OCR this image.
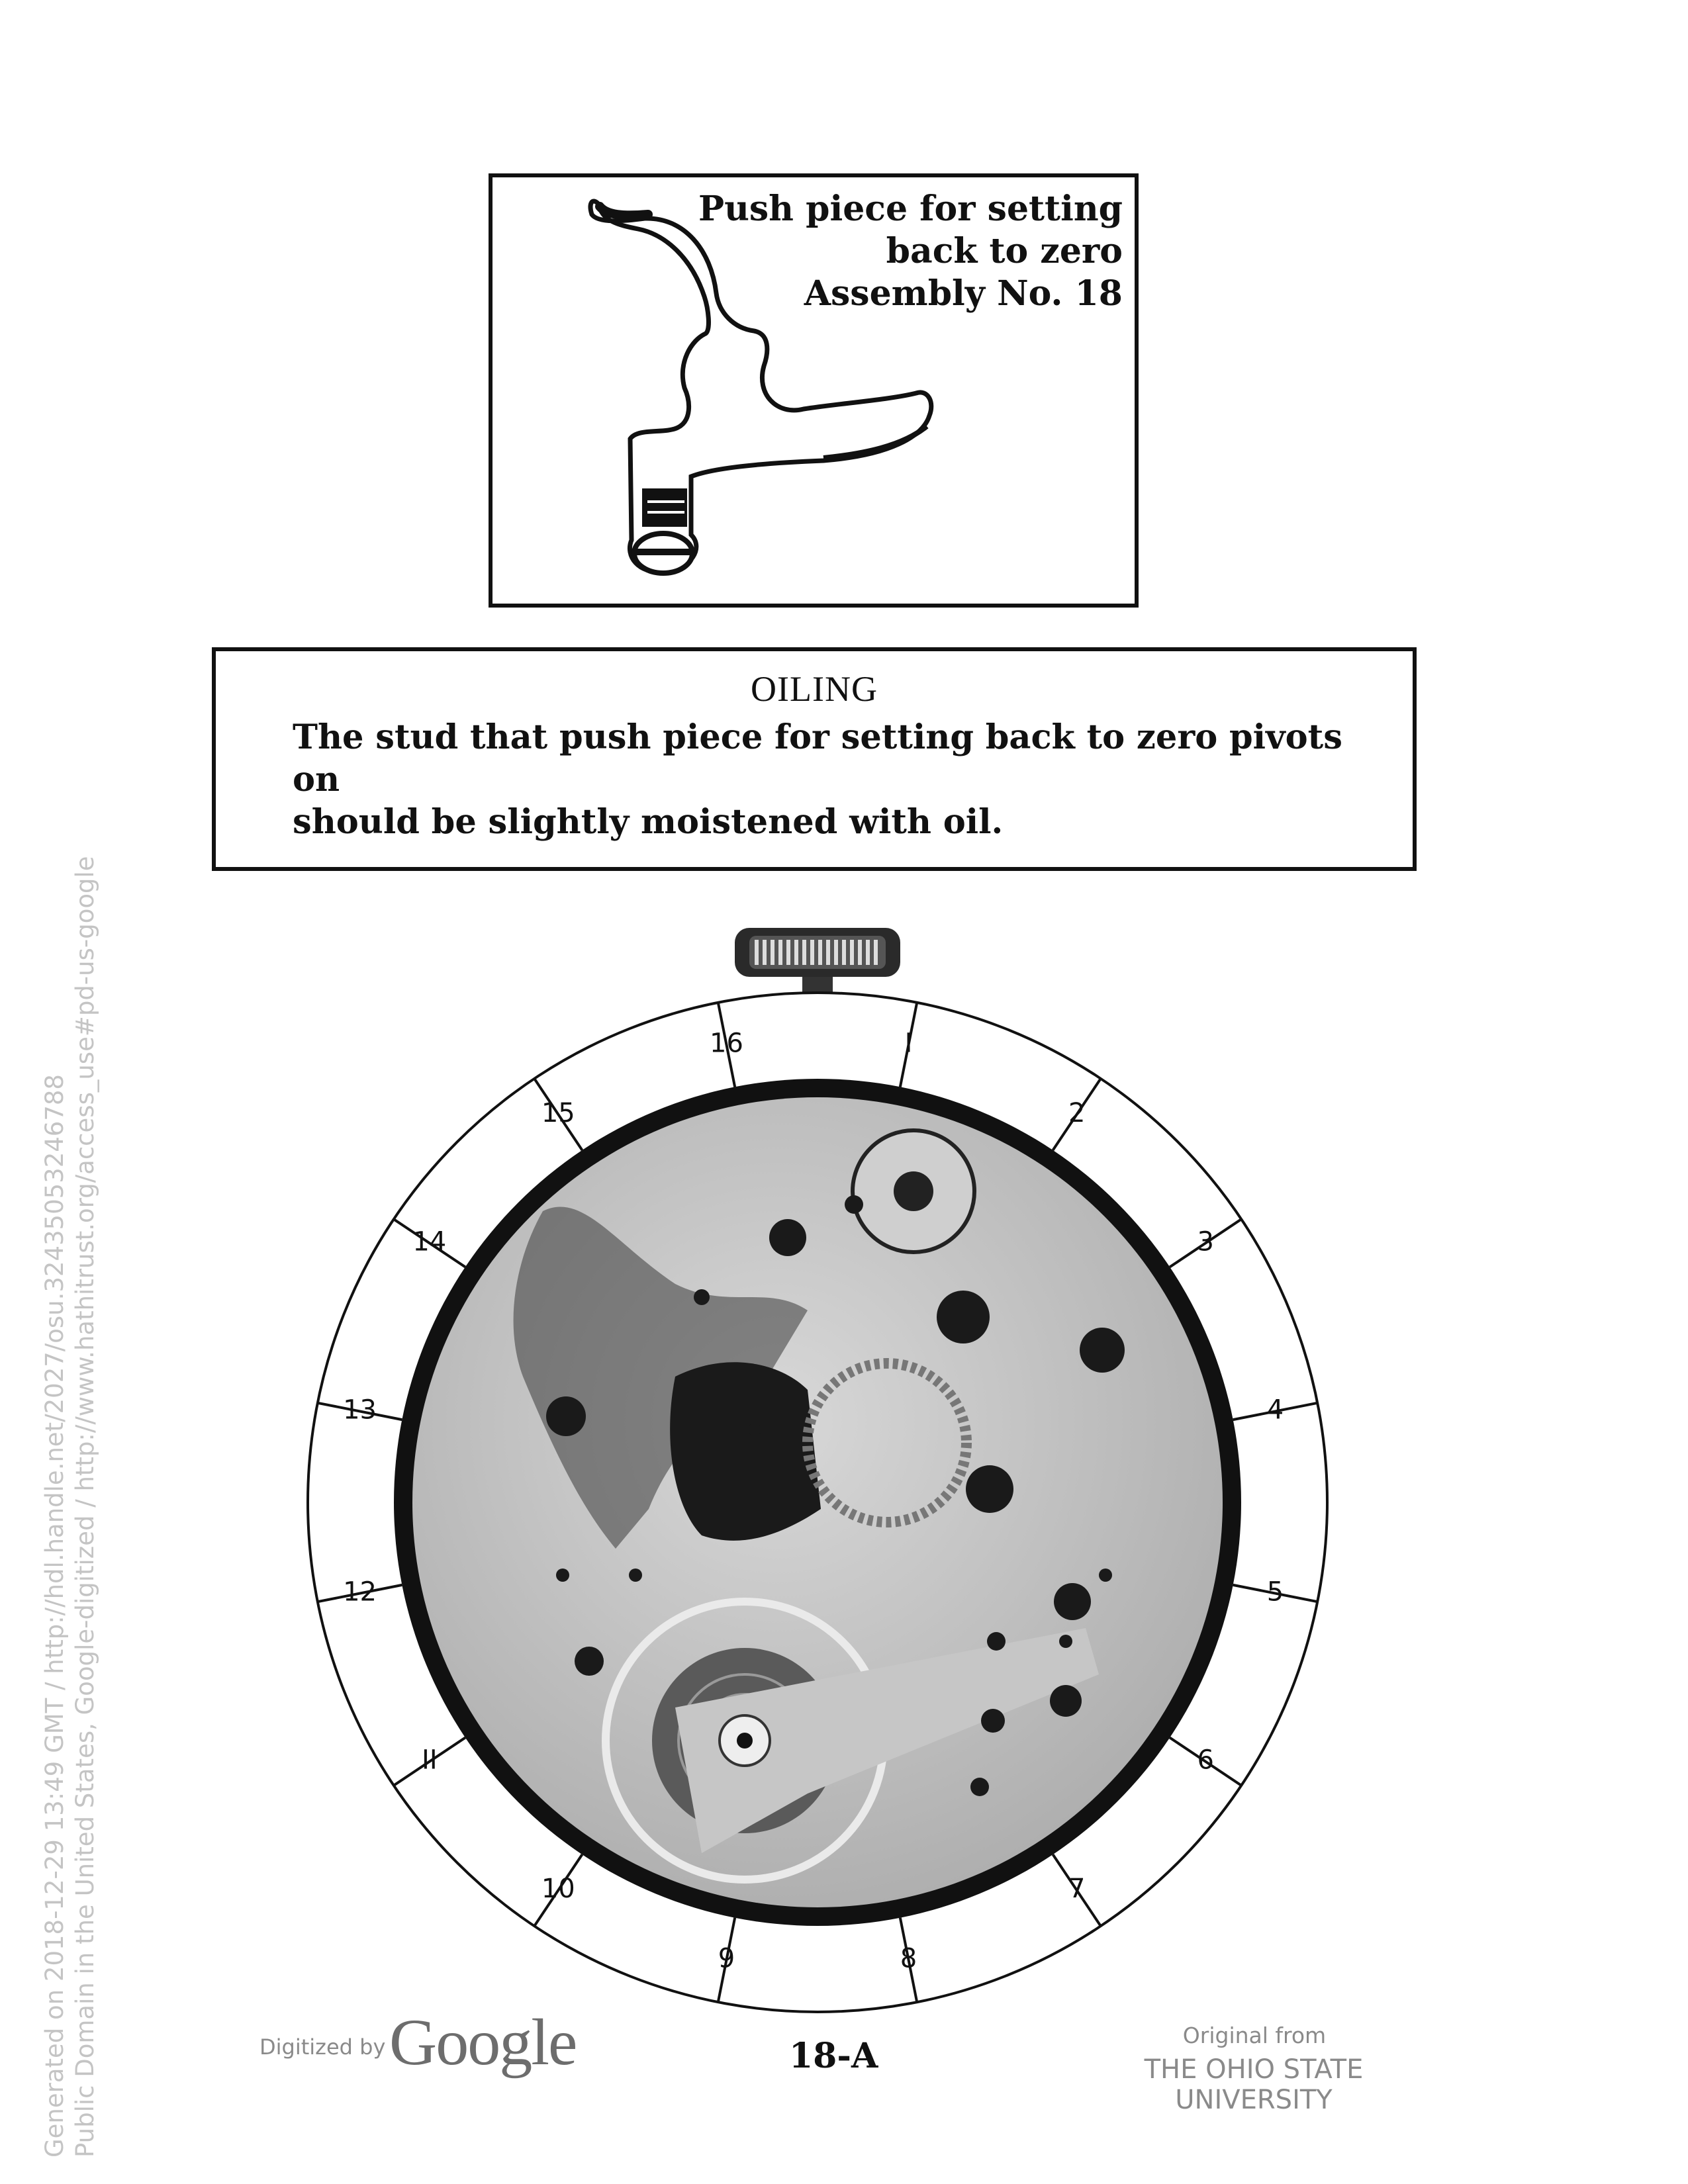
Push piece for setting
back to zero
Assembly No. 18
OILING
The stud that push piece for setting back to zero pivots on
should be slightly moistened with oil.
16	I
2
3
4
5
6
7
8
9
10
II
12
13
14
15
Generated on 2018-12-29 13:49 GMT / http://hdl.handle.net/2027/osu.32435053246788 Public Domain in the United States, Google-digitized / http://www.hathitrust.org/access_use#pd-us-google	Digitized by Google	18-A
Original from
THE OHIO STATE UNIVERSITY
